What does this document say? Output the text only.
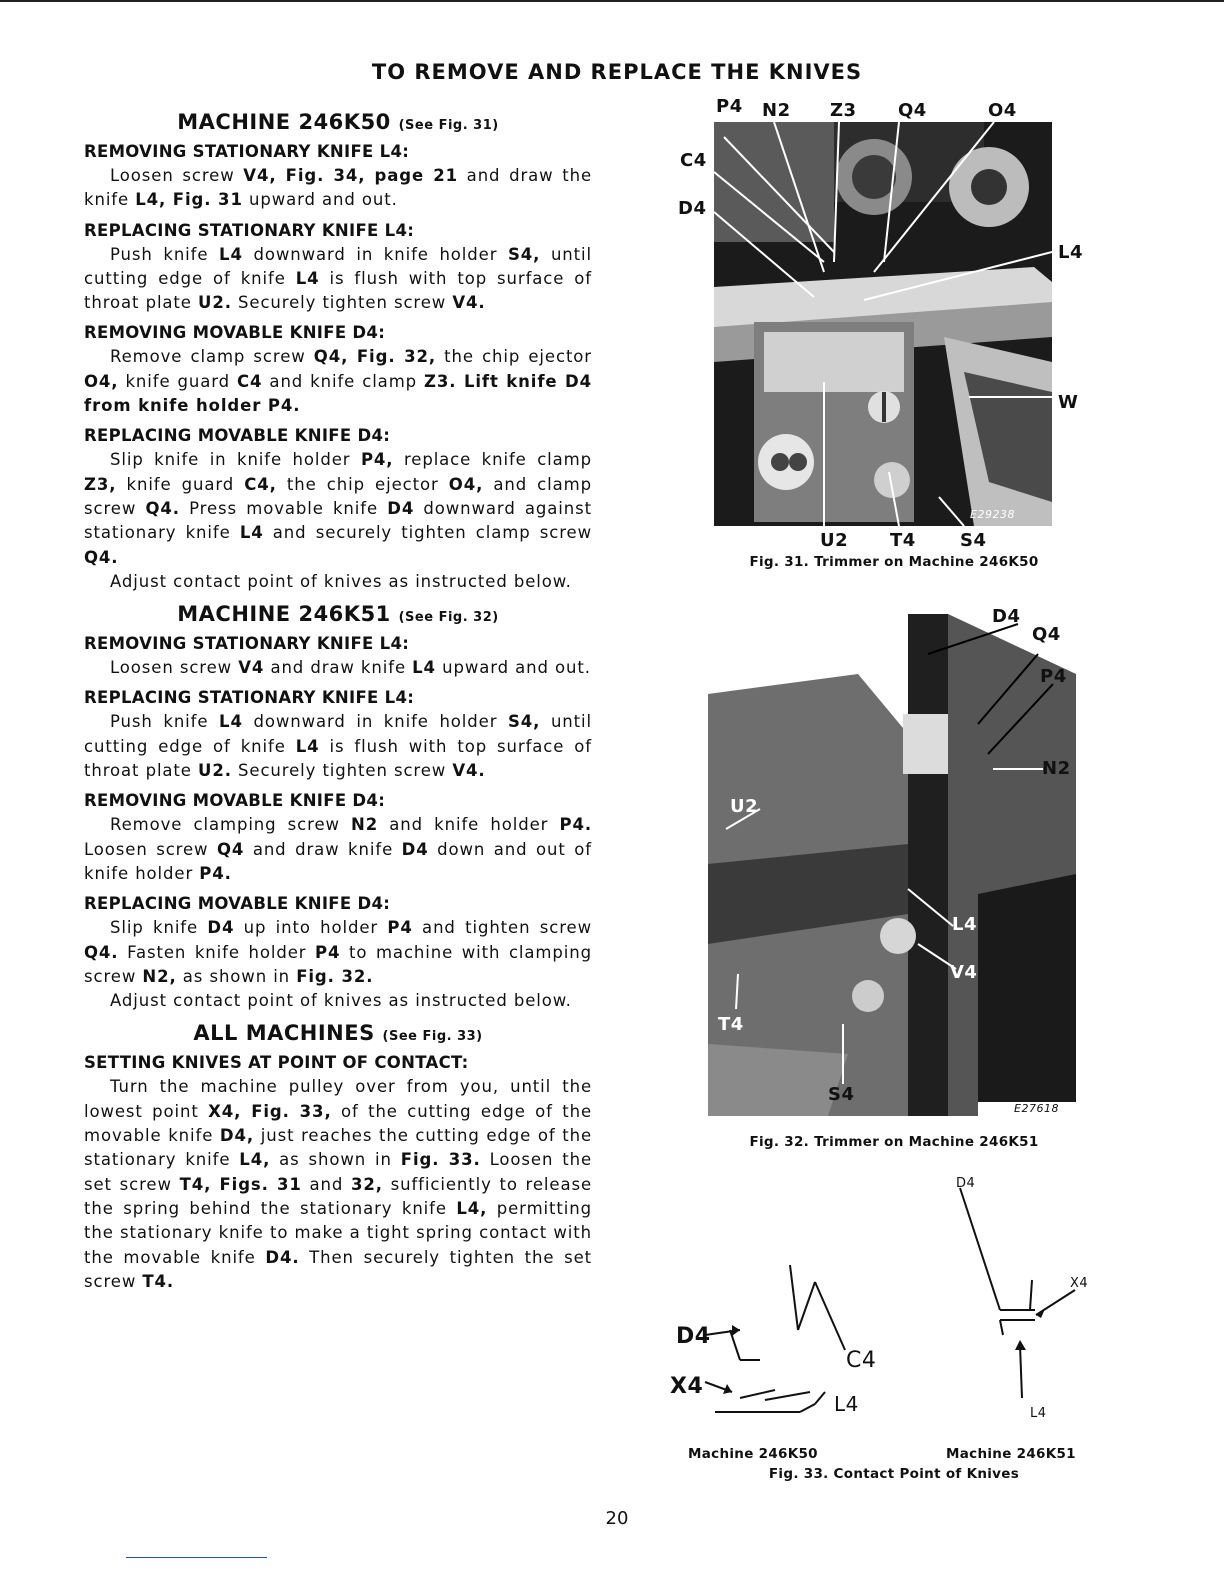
TO REMOVE AND REPLACE THE KNIVES
MACHINE 246K50 (See Fig. 31)
REMOVING STATIONARY KNIFE L4:

Loosen screw V4, Fig. 34, page 21 and draw the knife L4, Fig. 31 upward and out.

REPLACING STATIONARY KNIFE L4:

Push knife L4 downward in knife holder S4, until cutting edge of knife L4 is flush with top surface of throat plate U2. Securely tighten screw V4.

REMOVING MOVABLE KNIFE D4:

Remove clamp screw Q4, Fig. 32, the chip ejector O4, knife guard C4 and knife clamp Z3. Lift knife D4 from knife holder P4.

REPLACING MOVABLE KNIFE D4:

Slip knife in knife holder P4, replace knife clamp Z3, knife guard C4, the chip ejector O4, and clamp screw Q4. Press movable knife D4 downward against stationary knife L4 and securely tighten clamp screw Q4.

Adjust contact point of knives as instructed below.

MACHINE 246K51 (See Fig. 32)
REMOVING STATIONARY KNIFE L4:

Loosen screw V4 and draw knife L4 upward and out.

REPLACING STATIONARY KNIFE L4:

Push knife L4 downward in knife holder S4, until cutting edge of knife L4 is flush with top surface of throat plate U2. Securely tighten screw V4.

REMOVING MOVABLE KNIFE D4:

Remove clamping screw N2 and knife holder P4. Loosen screw Q4 and draw knife D4 down and out of knife holder P4.

REPLACING MOVABLE KNIFE D4:

Slip knife D4 up into holder P4 and tighten screw Q4. Fasten knife holder P4 to machine with clamping screw N2, as shown in Fig. 32.

Adjust contact point of knives as instructed below.

ALL MACHINES (See Fig. 33)
SETTING KNIVES AT POINT OF CONTACT:

Turn the machine pulley over from you, until the lowest point X4, Fig. 33, of the cutting edge of the movable knife D4, just reaches the cutting edge of the stationary knife L4, as shown in Fig. 33. Loosen the set screw T4, Figs. 31 and 32, sufficiently to release the spring behind the stationary knife L4, permitting the stationary knife to make a tight spring contact with the movable knife D4. Then securely tighten the set screw T4.

P4 N2 Z3 Q4	O4
C4
D4
L4
W
U2 T4 S4
E29238
Fig. 31. Trimmer on Machine 246K50
D4
Q4
P4
N2
U2
L4
V4
T4
S4
E27618
Fig. 32. Trimmer on Machine 246K51
D4
X4
C4
L4
D4
X4
L4
Machine 246K50	Machine 246K51
Fig. 33. Contact Point of Knives
20
